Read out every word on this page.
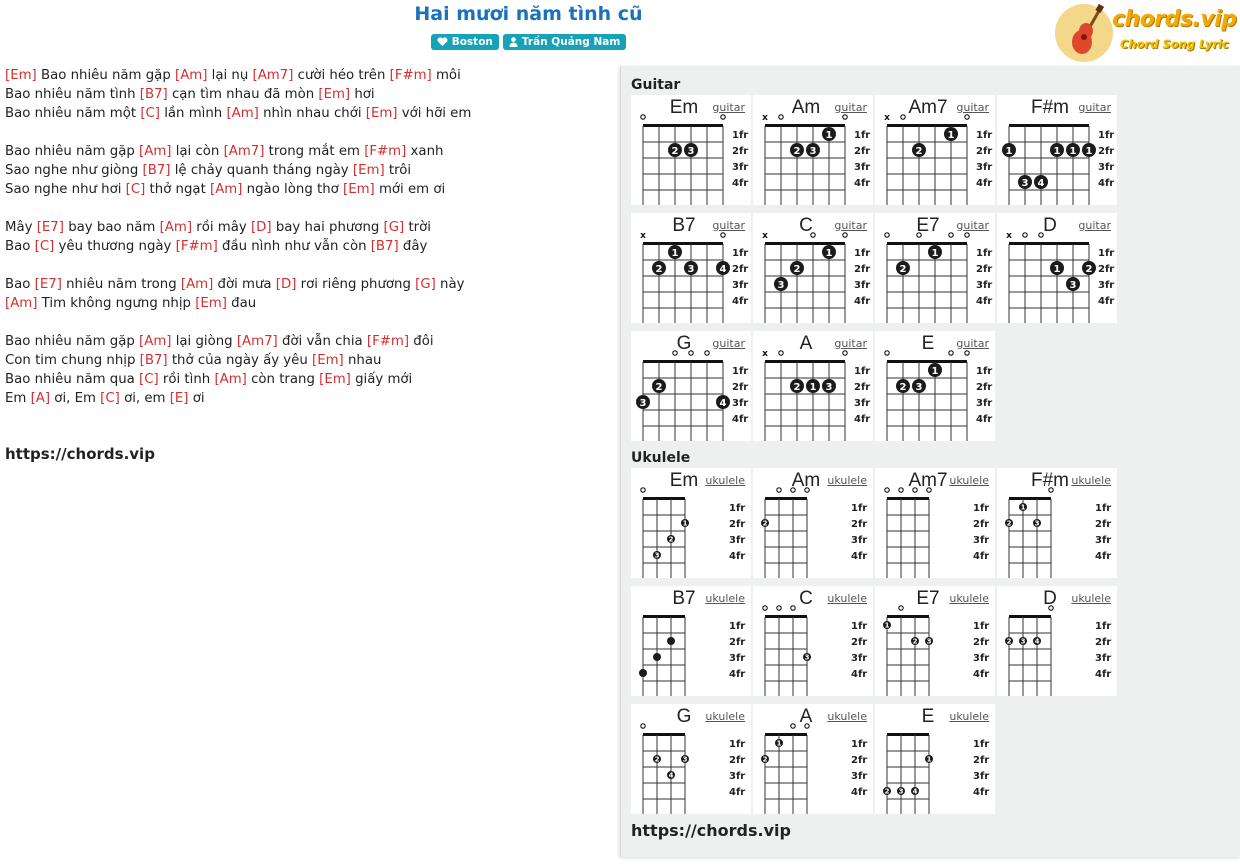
Hai mươi năm tình cũ
Boston	Trần Quảng Nam
chords.vip
Chord Song Lyric
[Em] Bao nhiêu năm gặp [Am] lại nụ [Am7] cười héo trên [F#m] môi
Bao nhiêu năm tình [B7] cạn tìm nhau đã mòn [Em] hơi
Bao nhiêu năm một [C] lần mình [Am] nhìn nhau chới [Em] với hỡi em
Bao nhiêu năm gặp [Am] lại còn [Am7] trong mắt em [F#m] xanh
Sao nghe như giòng [B7] lệ chảy quanh tháng ngày [Em] trôi
Sao nghe như hơi [C] thở ngạt [Am] ngào lòng thơ [Em] mới em ơi
Mây [E7] bay bao năm [Am] rồi mây [D] bay hai phương [G] trời
Bao [C] yêu thương ngày [F#m] đầu nình như vẫn còn [B7] đây
Bao [E7] nhiêu năm trong [Am] đời mưa [D] rơi riêng phương [G] này
[Am] Tim không ngưng nhịp [Em] đau
Bao nhiêu năm gặp [Am] lại giòng [Am7] đời vẫn chia [F#m] đôi
Con tim chung nhịp [B7] thở của ngày ấy yêu [Em] nhau
Bao nhiêu năm qua [C] rồi tình [Am] còn trang [Em] giấy mới
Em [A] ơi, Em [C] ơi, em [E] ơi
https://chords.vip
Guitar
Em	guitar
1fr
2fr
3fr
4fr
2 3
Am	guitar
1fr
2fr
3fr
4fr
x
2 3
1
Am7 guitar
1fr
2fr
3fr
4fr
x
2
1
F#m guitar
1fr
2fr
3fr
4fr
1
3 4
1 1 1
B7	guitar
1fr
2fr
3fr
4fr
x
2
1
3	4
C	guitar
1fr
2fr
3fr
4fr
x
3
2
1
E7	guitar
1fr
2fr
3fr
4fr
2
1
D	guitar
1fr
2fr
3fr
4fr
x
1
3
2
G	guitar
1fr
2fr
3fr
4fr
3
2
4
A	guitar
1fr
2fr
3fr
4fr
x
2 1 3
E	guitar
1fr
2fr
3fr
4fr
2 3
1
Ukulele
Em ukulele
1fr
2fr
3fr
4fr
3
2
1
Am ukulele
1fr
2fr
3fr
4fr
2
Am7 ukulele
1fr
2fr
3fr
4fr
F#m ukulele
1fr
2fr
3fr
4fr
2
1
3
B7 ukulele
1fr
2fr
3fr
4fr
C	ukulele
1fr
2fr
3fr
4fr
3
E7 ukulele
1fr
2fr
3fr
4fr
1
2 3
D	ukulele
1fr
2fr
3fr
4fr
2 3 4
G	ukulele
1fr
2fr
3fr
4fr
2
4
3
A	ukulele
1fr
2fr
3fr
4fr
2
1
E	ukulele
1fr
2fr
3fr
4fr
2 3 4
1
https://chords.vip
